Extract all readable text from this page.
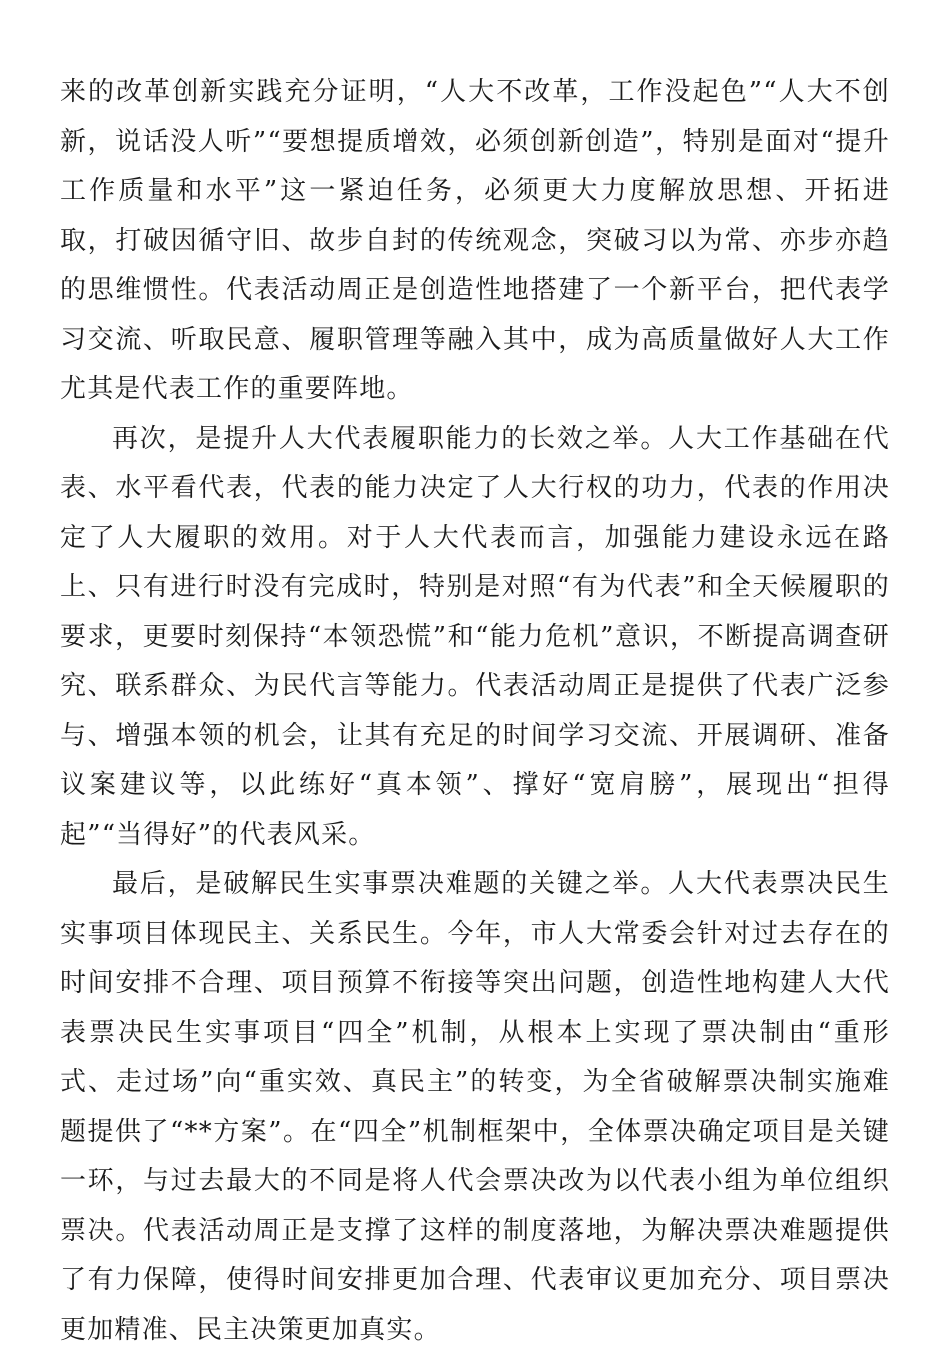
来的改革创新实践充分证明，“人大不改革，工作没起色”“人大不创新，说话没人听”“要想提质增效，必须创新创造”，特别是面对“提升工作质量和水平”这一紧迫任务，必须更大力度解放思想、开拓进取，打破因循守旧、故步自封的传统观念，突破习以为常、亦步亦趋的思维惯性。代表活动周正是创造性地搭建了一个新平台，把代表学习交流、听取民意、履职管理等融入其中，成为高质量做好人大工作尤其是代表工作的重要阵地。

再次，是提升人大代表履职能力的长效之举。人大工作基础在代表、水平看代表，代表的能力决定了人大行权的功力，代表的作用决定了人大履职的效用。对于人大代表而言，加强能力建设永远在路上、只有进行时没有完成时，特别是对照“有为代表”和全天候履职的要求，更要时刻保持“本领恐慌”和“能力危机”意识，不断提高调查研究、联系群众、为民代言等能力。代表活动周正是提供了代表广泛参与、增强本领的机会，让其有充足的时间学习交流、开展调研、准备议案建议等，以此练好“真本领”、撑好“宽肩膀”，展现出“担得起”“当得好”的代表风采。

最后，是破解民生实事票决难题的关键之举。人大代表票决民生实事项目体现民主、关系民生。今年，市人大常委会针对过去存在的时间安排不合理、项目预算不衔接等突出问题，创造性地构建人大代表票决民生实事项目“四全”机制，从根本上实现了票决制由“重形式、走过场”向“重实效、真民主”的转变，为全省破解票决制实施难题提供了“**方案”。在“四全”机制框架中，全体票决确定项目是关键一环，与过去最大的不同是将人代会票决改为以代表小组为单位组织票决。代表活动周正是支撑了这样的制度落地，为解决票决难题提供了有力保障，使得时间安排更加合理、代表审议更加充分、项目票决更加精准、民主决策更加真实。
